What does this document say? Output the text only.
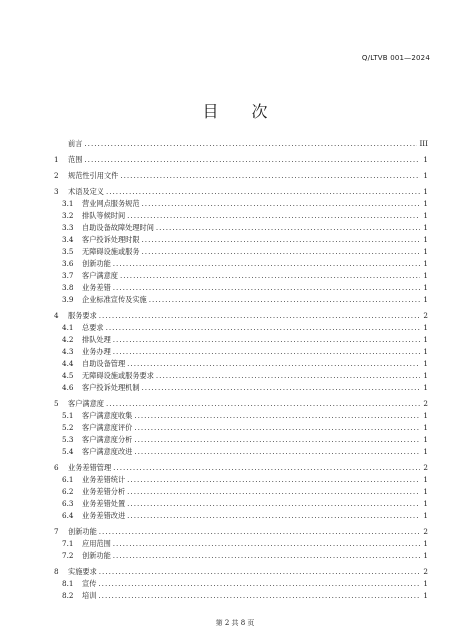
Q/LTVB 001—2024
目 次
前言 .....	III
1	范围 .....	1
2	规范性引用文件 .....	1
3	术语及定义 .....	1
3.1	营业网点服务规范 .....	1
3.2	排队等候时间 .....	1
3.3	自助设备故障处理时间 .....	1
3.4	客户投诉处理时限 .....	1
3.5	无障碍设施或服务 .....	1
3.6	创新功能 .....	1
3.7	客户满意度 .....	1
3.8	业务差错 .....	1
3.9	企业标准宣传及实施 .....	1
4	服务要求 .....	2
4.1	总要求 .....	1
4.2	排队处理 .....	1
4.3	业务办理 .....	1
4.4	自助设备管理 .....	1
4.5	无障碍设施或服务要求 .....	1
4.6	客户投诉处理机制 .....	1
5	客户满意度 .....	2
5.1	客户满意度收集 .....	1
5.2	客户满意度评价 .....	1
5.3	客户满意度分析 .....	1
5.4	客户满意度改进 .....	1
6	业务差错管理 .....	2
6.1	业务差错统计 .....	1
6.2	业务差错分析 .....	1
6.3	业务差错处置 .....	1
6.4	业务差错改进 .....	1
7	创新功能 .....	2
7.1	应用范围 .....	1
7.2	创新功能 .....	1
8	实施要求 .....	2
8.1	宣传 .....	1
8.2	培训 .....	1
第 2 共 8 页
